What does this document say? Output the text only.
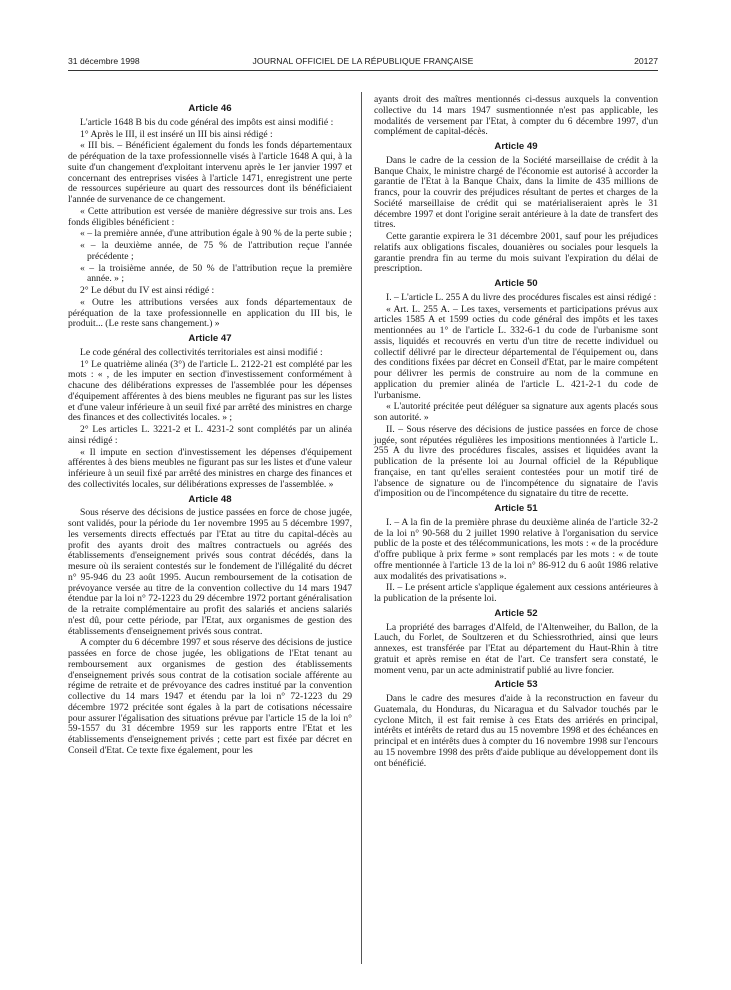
31 décembre 1998	JOURNAL OFFICIEL DE LA RÉPUBLIQUE FRANÇAISE	20127
Article 46

L'article 1648 B bis du code général des impôts est ainsi modifié :

1° Après le III, il est inséré un III bis ainsi rédigé :

« III bis. – Bénéficient également du fonds les fonds départementaux de péréquation de la taxe professionnelle visés à l'article 1648 A qui, à la suite d'un changement d'exploitant intervenu après le 1er janvier 1997 et concernant des entreprises visées à l'article 1471, enregistrent une perte de ressources supérieure au quart des ressources dont ils bénéficiaient l'année de survenance de ce changement.

« Cette attribution est versée de manière dégressive sur trois ans. Les fonds éligibles bénéficient :

« – la première année, d'une attribution égale à 90 % de la perte subie ;

« – la deuxième année, de 75 % de l'attribution reçue l'année précédente ;

« – la troisième année, de 50 % de l'attribution reçue la première année. » ;

2° Le début du IV est ainsi rédigé :

« Outre les attributions versées aux fonds départementaux de péréquation de la taxe professionnelle en application du III bis, le produit... (Le reste sans changement.) »

Article 47

Le code général des collectivités territoriales est ainsi modifié :

1° Le quatrième alinéa (3°) de l'article L. 2122-21 est complété par les mots : « , de les imputer en section d'investissement conformément à chacune des délibérations expresses de l'assemblée pour les dépenses d'équipement afférentes à des biens meubles ne figurant pas sur les listes et d'une valeur inférieure à un seuil fixé par arrêté des ministres en charge des finances et des collectivités locales. » ;

2° Les articles L. 3221-2 et L. 4231-2 sont complétés par un alinéa ainsi rédigé :

« Il impute en section d'investissement les dépenses d'équipement afférentes à des biens meubles ne figurant pas sur les listes et d'une valeur inférieure à un seuil fixé par arrêté des ministres en charge des finances et des collectivités locales, sur délibérations expresses de l'assemblée. »

Article 48

Sous réserve des décisions de justice passées en force de chose jugée, sont validés, pour la période du 1er novembre 1995 au 5 décembre 1997, les versements directs effectués par l'Etat au titre du capital-décès au profit des ayants droit des maîtres contractuels ou agréés des établissements d'enseignement privés sous contrat décédés, dans la mesure où ils seraient contestés sur le fondement de l'illégalité du décret n° 95-946 du 23 août 1995. Aucun remboursement de la cotisation de prévoyance versée au titre de la convention collective du 14 mars 1947 étendue par la loi n° 72-1223 du 29 décembre 1972 portant généralisation de la retraite complémentaire au profit des salariés et anciens salariés n'est dû, pour cette période, par l'Etat, aux organismes de gestion des établissements d'enseignement privés sous contrat.

A compter du 6 décembre 1997 et sous réserve des décisions de justice passées en force de chose jugée, les obligations de l'Etat tenant au remboursement aux organismes de gestion des établissements d'enseignement privés sous contrat de la cotisation sociale afférente au régime de retraite et de prévoyance des cadres institué par la convention collective du 14 mars 1947 et étendu par la loi n° 72-1223 du 29 décembre 1972 précitée sont égales à la part de cotisations nécessaire pour assurer l'égalisation des situations prévue par l'article 15 de la loi n° 59-1557 du 31 décembre 1959 sur les rapports entre l'Etat et les établissements d'enseignement privés ; cette part est fixée par décret en Conseil d'Etat. Ce texte fixe également, pour les

ayants droit des maîtres mentionnés ci-dessus auxquels la convention collective du 14 mars 1947 susmentionnée n'est pas applicable, les modalités de versement par l'Etat, à compter du 6 décembre 1997, d'un complément de capital-décès.

Article 49

Dans le cadre de la cession de la Société marseillaise de crédit à la Banque Chaix, le ministre chargé de l'économie est autorisé à accorder la garantie de l'Etat à la Banque Chaix, dans la limite de 435 millions de francs, pour la couvrir des préjudices résultant de pertes et charges de la Société marseillaise de crédit qui se matérialiseraient après le 31 décembre 1997 et dont l'origine serait antérieure à la date de transfert des titres.

Cette garantie expirera le 31 décembre 2001, sauf pour les préjudices relatifs aux obligations fiscales, douanières ou sociales pour lesquels la garantie prendra fin au terme du mois suivant l'expiration du délai de prescription.

Article 50

I. – L'article L. 255 A du livre des procédures fiscales est ainsi rédigé :

« Art. L. 255 A. – Les taxes, versements et participations prévus aux articles 1585 A et 1599 octies du code général des impôts et les taxes mentionnées au 1° de l'article L. 332-6-1 du code de l'urbanisme sont assis, liquidés et recouvrés en vertu d'un titre de recette individuel ou collectif délivré par le directeur départemental de l'équipement ou, dans des conditions fixées par décret en Conseil d'Etat, par le maire compétent pour délivrer les permis de construire au nom de la commune en application du premier alinéa de l'article L. 421-2-1 du code de l'urbanisme.

« L'autorité précitée peut déléguer sa signature aux agents placés sous son autorité. »

II. – Sous réserve des décisions de justice passées en force de chose jugée, sont réputées régulières les impositions mentionnées à l'article L. 255 A du livre des procédures fiscales, assises et liquidées avant la publication de la présente loi au Journal officiel de la République française, en tant qu'elles seraient contestées pour un motif tiré de l'absence de signature ou de l'incompétence du signataire de l'avis d'imposition ou de l'incompétence du signataire du titre de recette.

Article 51

I. – A la fin de la première phrase du deuxième alinéa de l'article 32-2 de la loi n° 90-568 du 2 juillet 1990 relative à l'organisation du service public de la poste et des télécommunications, les mots : « de la procédure d'offre publique à prix ferme » sont remplacés par les mots : « de toute offre mentionnée à l'article 13 de la loi n° 86-912 du 6 août 1986 relative aux modalités des privatisations ».

II. – Le présent article s'applique également aux cessions antérieures à la publication de la présente loi.

Article 52

La propriété des barrages d'Alfeld, de l'Altenweiher, du Ballon, de la Lauch, du Forlet, de Soultzeren et du Schiessrothried, ainsi que leurs annexes, est transférée par l'Etat au département du Haut-Rhin à titre gratuit et après remise en état de l'art. Ce transfert sera constaté, le moment venu, par un acte administratif publié au livre foncier.

Article 53

Dans le cadre des mesures d'aide à la reconstruction en faveur du Guatemala, du Honduras, du Nicaragua et du Salvador touchés par le cyclone Mitch, il est fait remise à ces Etats des arriérés en principal, intérêts et intérêts de retard dus au 15 novembre 1998 et des échéances en principal et en intérêts dues à compter du 16 novembre 1998 sur l'encours au 15 novembre 1998 des prêts d'aide publique au développement dont ils ont bénéficié.
